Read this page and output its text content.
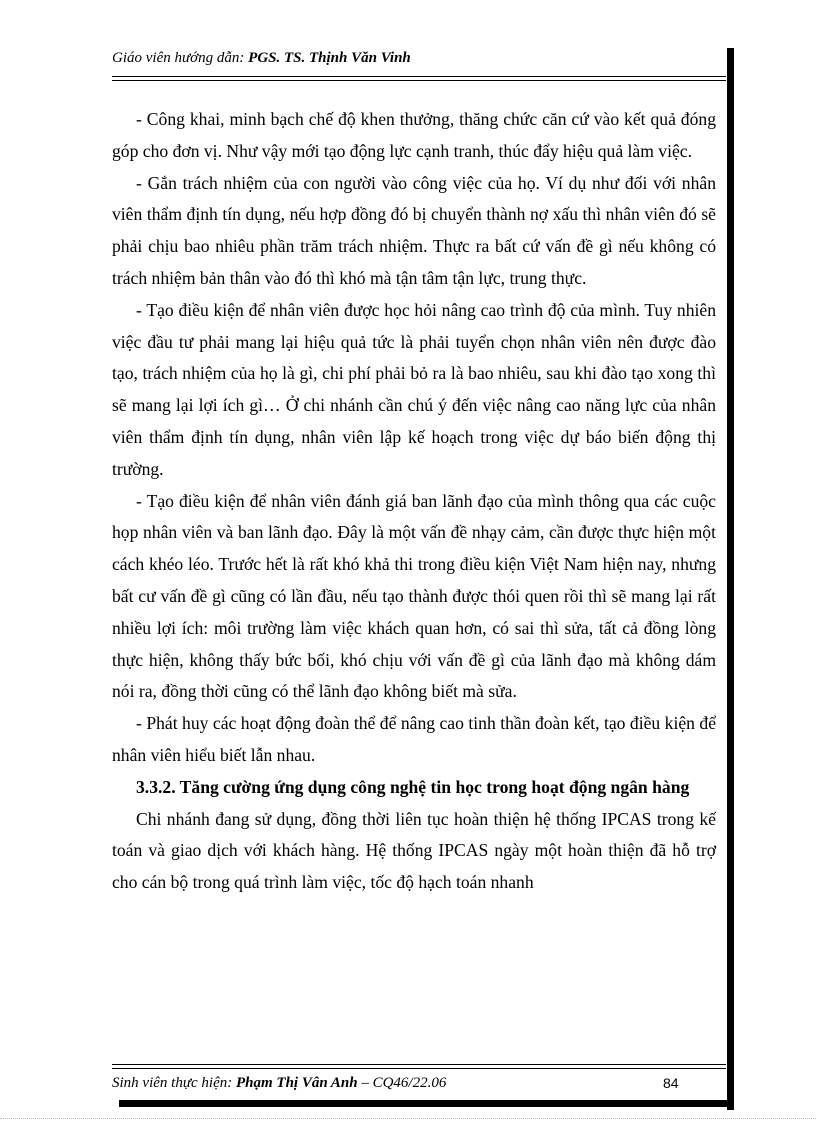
Giáo viên hướng dẫn: PGS. TS. Thịnh Văn Vinh

- Công khai, minh bạch chế độ khen thưởng, thăng chức căn cứ vào kết quả đóng góp cho đơn vị. Như vậy mới tạo động lực cạnh tranh, thúc đẩy hiệu quả làm việc.

- Gắn trách nhiệm của con người vào công việc của họ. Ví dụ như đối với nhân viên thẩm định tín dụng, nếu hợp đồng đó bị chuyển thành nợ xấu thì nhân viên đó sẽ phải chịu bao nhiêu phần trăm trách nhiệm. Thực ra bất cứ vấn đề gì nếu không có trách nhiệm bản thân vào đó thì khó mà tận tâm tận lực, trung thực.

- Tạo điều kiện để nhân viên được học hỏi nâng cao trình độ của mình. Tuy nhiên việc đầu tư phải mang lại hiệu quả tức là phải tuyển chọn nhân viên nên được đào tạo, trách nhiệm của họ là gì, chi phí phải bỏ ra là bao nhiêu, sau khi đào tạo xong thì sẽ mang lại lợi ích gì… Ở chi nhánh cần chú ý đến việc nâng cao năng lực của nhân viên thẩm định tín dụng, nhân viên lập kế hoạch trong việc dự báo biến động thị trường.

- Tạo điều kiện để nhân viên đánh giá ban lãnh đạo của mình thông qua các cuộc họp nhân viên và ban lãnh đạo. Đây là một vấn đề nhạy cảm, cần được thực hiện một cách khéo léo. Trước hết là rất khó khả thi trong điều kiện Việt Nam hiện nay, nhưng bất cư vấn đề gì cũng có lần đầu, nếu tạo thành được thói quen rồi thì sẽ mang lại rất nhiều lợi ích: môi trường làm việc khách quan hơn, có sai thì sửa, tất cả đồng lòng thực hiện, không thấy bức bối, khó chịu với vấn đề gì của lãnh đạo mà không dám nói ra, đồng thời cũng có thể lãnh đạo không biết mà sửa.

- Phát huy các hoạt động đoàn thể để nâng cao tinh thần đoàn kết, tạo điều kiện để nhân viên hiểu biết lẫn nhau.

3.3.2. Tăng cường ứng dụng công nghệ tin học trong hoạt động ngân hàng

Chi nhánh đang sử dụng, đồng thời liên tục hoàn thiện hệ thống IPCAS trong kế toán và giao dịch với khách hàng. Hệ thống IPCAS ngày một hoàn thiện đã hỗ trợ cho cán bộ trong quá trình làm việc, tốc độ hạch toán nhanh

Sinh viên thực hiện: Phạm Thị Vân Anh – CQ46/22.06	84
